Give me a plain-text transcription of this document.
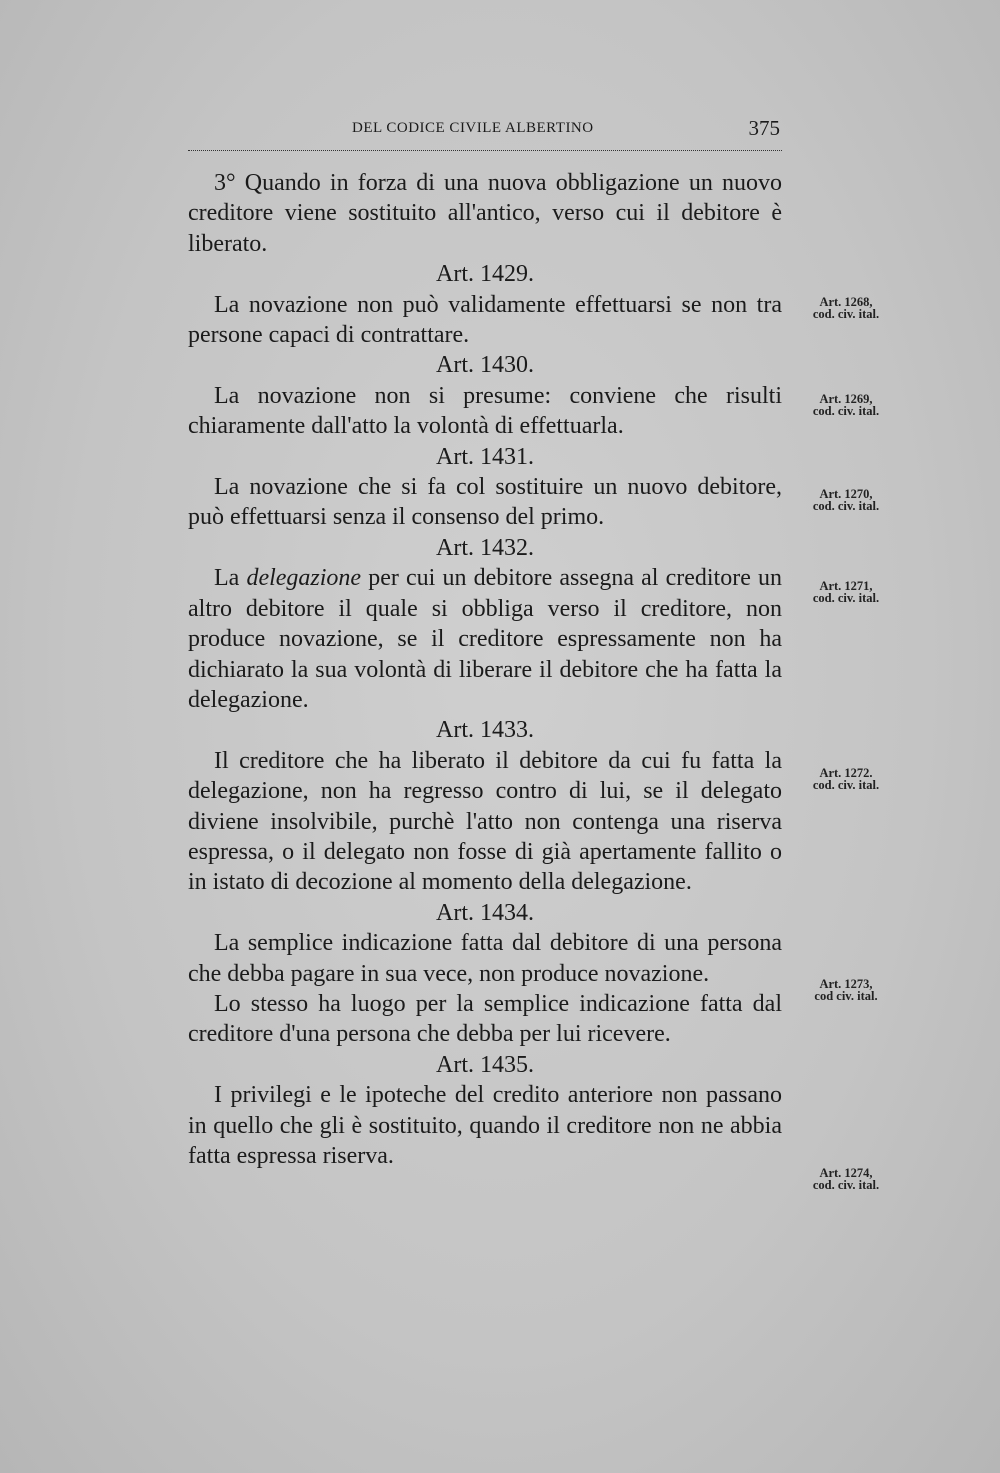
DEL CODICE CIVILE ALBERTINO	375

3° Quando in forza di una nuova obbligazione un nuovo creditore viene sostituito all'antico, verso cui il debitore è liberato.

Art. 1429.

La novazione non può validamente effettuarsi se non tra persone capaci di contrattare.

Art. 1430.

La novazione non si presume: conviene che risulti chiaramente dall'atto la volontà di effettuarla.

Art. 1431.

La novazione che si fa col sostituire un nuovo debitore, può effettuarsi senza il consenso del primo.

Art. 1432.

La delegazione per cui un debitore assegna al creditore un altro debitore il quale si obbliga verso il creditore, non produce novazione, se il creditore espressamente non ha dichiarato la sua volontà di liberare il debitore che ha fatta la delegazione.

Art. 1433.

Il creditore che ha liberato il debitore da cui fu fatta la delegazione, non ha regresso contro di lui, se il delegato diviene insolvibile, purchè l'atto non contenga una riserva espressa, o il delegato non fosse di già apertamente fallito o in istato di decozione al momento della delegazione.

Art. 1434.

La semplice indicazione fatta dal debitore di una persona che debba pagare in sua vece, non produce novazione.

Lo stesso ha luogo per la semplice indicazione fatta dal creditore d'una persona che debba per lui ricevere.

Art. 1435.

I privilegi e le ipoteche del credito anteriore non passano in quello che gli è sostituito, quando il creditore non ne abbia fatta espressa riserva.

Art. 1268,
cod. civ. ital.
Art. 1269,
cod. civ. ital.
Art. 1270,
cod. civ. ital.
Art. 1271,
cod. civ. ital.
Art. 1272.
cod. civ. ital.
Art. 1273,
cod civ. ital.
Art. 1274,
cod. civ. ital.
